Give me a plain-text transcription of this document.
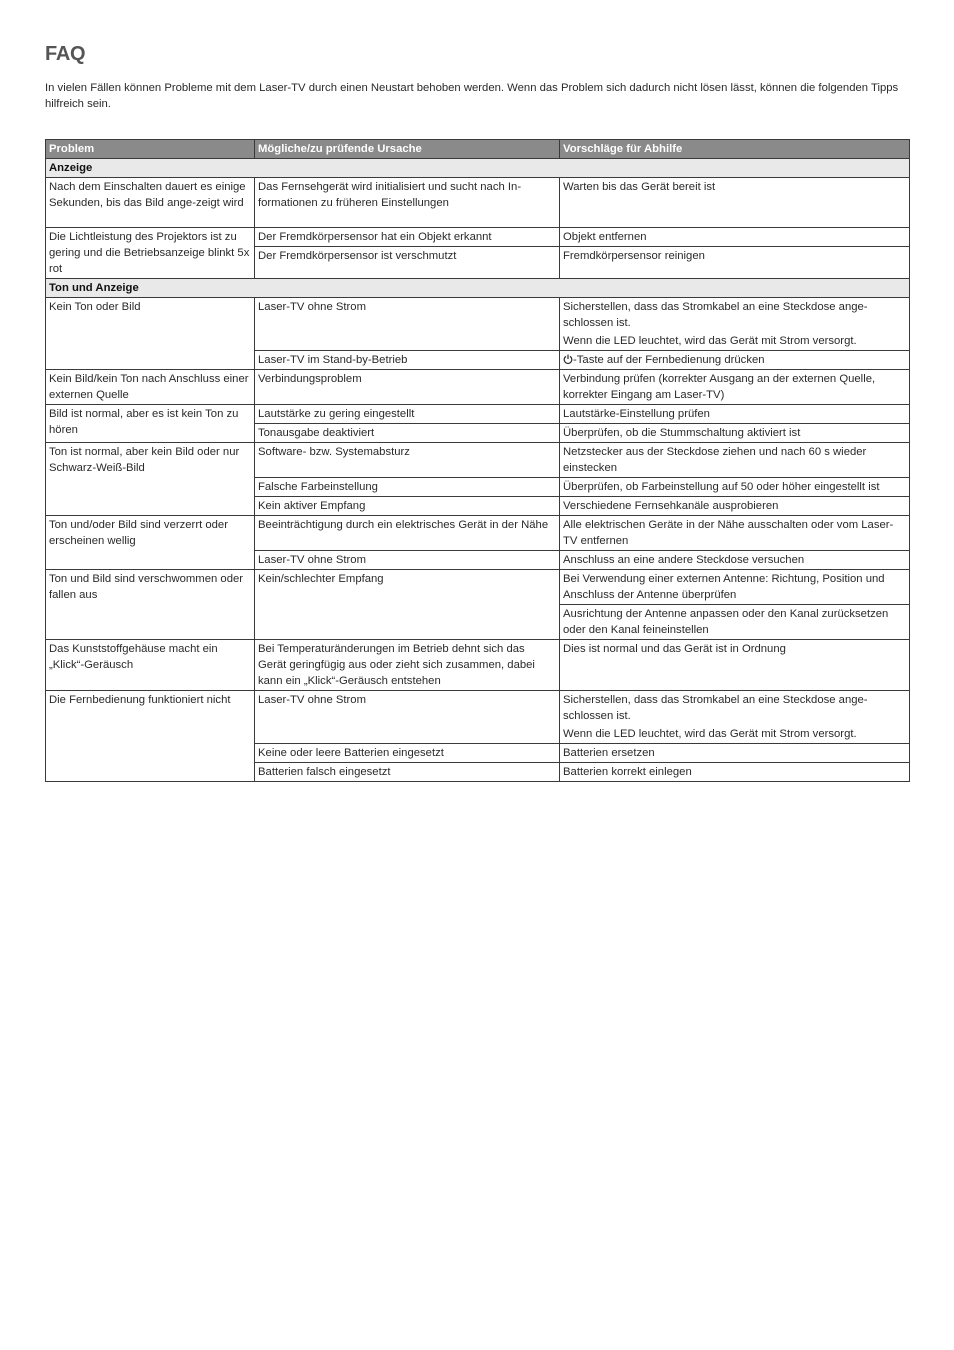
FAQ
In vielen Fällen können Probleme mit dem Laser-TV durch einen Neustart behoben werden. Wenn das Problem sich dadurch nicht lösen lässt, können die folgenden Tipps hilfreich sein.
Problem	Mögliche/zu prüfende Ursache	Vorschläge für Abhilfe
Anzeige		
Nach dem Einschalten dauert es einige Sekunden, bis das Bild ange-zeigt wird	Das Fernsehgerät wird initialisiert und sucht nach In-formationen zu früheren Einstellungen	Warten bis das Gerät bereit ist
Die Lichtleistung des Projektors ist zu gering und die Betriebsanzeige blinkt 5x rot	Der Fremdkörpersensor hat ein Objekt erkannt	Objekt entfernen
	Der Fremdkörpersensor ist verschmutzt	Fremdkörpersensor reinigen
Ton und Anzeige		
Kein Ton oder Bild	Laser-TV ohne Strom	Sicherstellen, dass das Stromkabel an eine Steckdose ange-schlossen ist.
Wenn die LED leuchtet, wird das Gerät mit Strom versorgt.

	Laser-TV im Stand-by-Betrieb	-Taste auf der Fernbedienung drücken
Kein Bild/kein Ton nach Anschluss einer externen Quelle	Verbindungsproblem	Verbindung prüfen (korrekter Ausgang an der externen Quelle, korrekter Eingang am Laser-TV)
Bild ist normal, aber es ist kein Ton zu hören	Lautstärke zu gering eingestellt	Lautstärke-Einstellung prüfen
	Tonausgabe deaktiviert	Überprüfen, ob die Stummschaltung aktiviert ist
Ton ist normal, aber kein Bild oder nur Schwarz-Weiß-Bild	Software- bzw. Systemabsturz	Netzstecker aus der Steckdose ziehen und nach 60 s wieder einstecken
	Falsche Farbeinstellung	Überprüfen, ob Farbeinstellung auf 50 oder höher eingestellt ist
	Kein aktiver Empfang	Verschiedene Fernsehkanäle ausprobieren
Ton und/oder Bild sind verzerrt oder erscheinen wellig	Beeinträchtigung durch ein elektrisches Gerät in der Nähe	Alle elektrischen Geräte in der Nähe ausschalten oder vom Laser-TV entfernen
	Laser-TV ohne Strom	Anschluss an eine andere Steckdose versuchen
Ton und Bild sind verschwommen oder fallen aus	Kein/schlechter Empfang	Bei Verwendung einer externen Antenne: Richtung, Position und Anschluss der Antenne überprüfen
		Ausrichtung der Antenne anpassen oder den Kanal zurücksetzen oder den Kanal feineinstellen
Das Kunststoffgehäuse macht ein „Klick“-Geräusch	Bei Temperaturänderungen im Betrieb dehnt sich das Gerät geringfügig aus oder zieht sich zusammen, dabei kann ein „Klick“-Geräusch entstehen	Dies ist normal und das Gerät ist in Ordnung
Die Fernbedienung funktioniert nicht	Laser-TV ohne Strom	Sicherstellen, dass das Stromkabel an eine Steckdose ange-schlossen ist.
Wenn die LED leuchtet, wird das Gerät mit Strom versorgt.

	Keine oder leere Batterien eingesetzt	Batterien ersetzen
	Batterien falsch eingesetzt	Batterien korrekt einlegen
